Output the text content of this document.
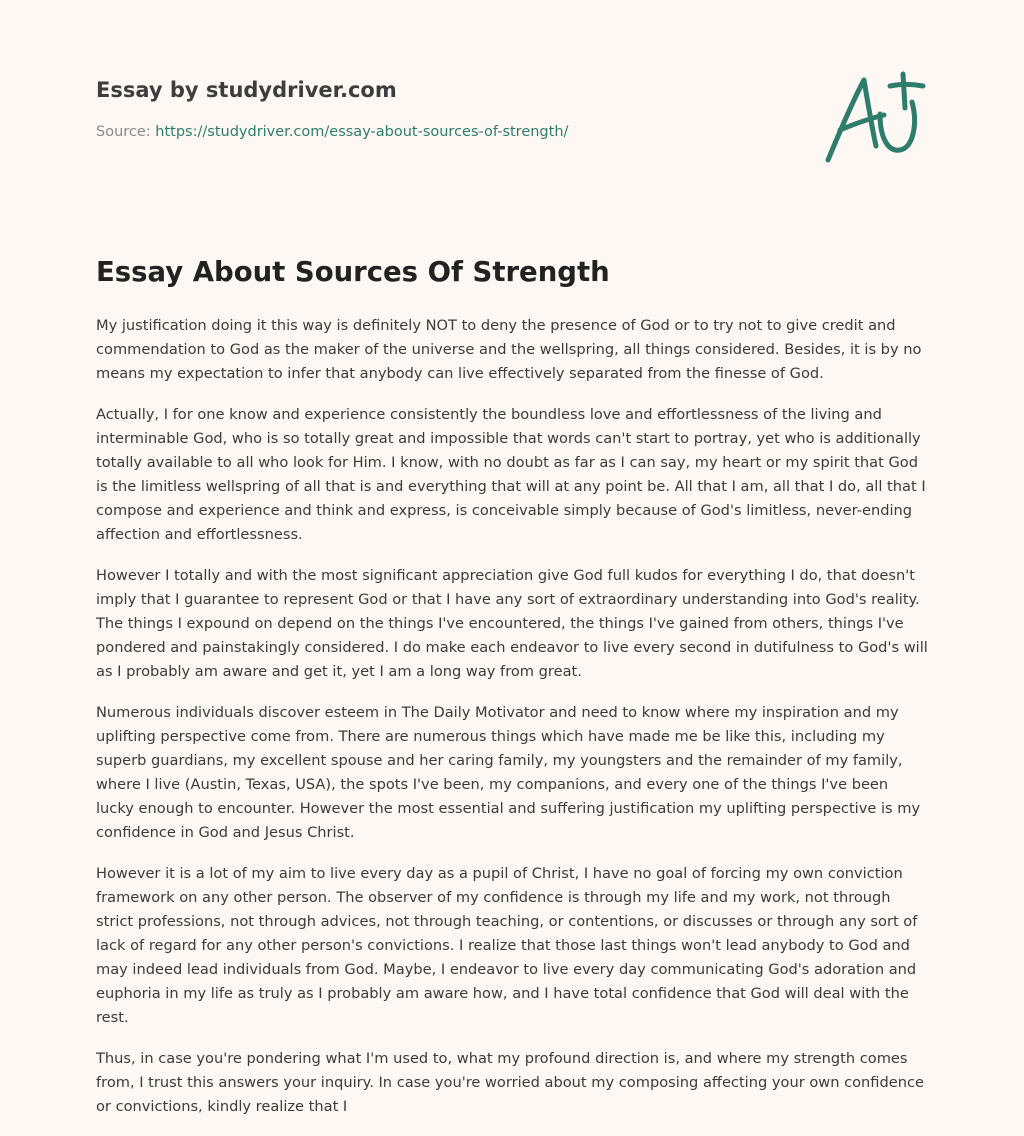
Essay by studydriver.com
Source: https://studydriver.com/essay-about-sources-of-strength/
Essay About Sources Of Strength

My justification doing it this way is definitely NOT to deny the presence of God or to try not to give credit and commendation to God as the maker of the universe and the wellspring, all things considered. Besides, it is by no means my expectation to infer that anybody can live effectively separated from the finesse of God.

Actually, I for one know and experience consistently the boundless love and effortlessness of the living and interminable God, who is so totally great and impossible that words can't start to portray, yet who is additionally totally available to all who look for Him. I know, with no doubt as far as I can say, my heart or my spirit that God is the limitless wellspring of all that is and everything that will at any point be. All that I am, all that I do, all that I compose and experience and think and express, is conceivable simply because of God's limitless, never-ending affection and effortlessness.

However I totally and with the most significant appreciation give God full kudos for everything I do, that doesn't imply that I guarantee to represent God or that I have any sort of extraordinary understanding into God's reality. The things I expound on depend on the things I've encountered, the things I've gained from others, things I've pondered and painstakingly considered. I do make each endeavor to live every second in dutifulness to God's will as I probably am aware and get it, yet I am a long way from great.

Numerous individuals discover esteem in The Daily Motivator and need to know where my inspiration and my uplifting perspective come from. There are numerous things which have made me be like this, including my superb guardians, my excellent spouse and her caring family, my youngsters and the remainder of my family, where I live (Austin, Texas, USA), the spots I've been, my companions, and every one of the things I've been lucky enough to encounter. However the most essential and suffering justification my uplifting perspective is my confidence in God and Jesus Christ.

However it is a lot of my aim to live every day as a pupil of Christ, I have no goal of forcing my own conviction framework on any other person. The observer of my confidence is through my life and my work, not through strict professions, not through advices, not through teaching, or contentions, or discusses or through any sort of lack of regard for any other person's convictions. I realize that those last things won't lead anybody to God and may indeed lead individuals from God. Maybe, I endeavor to live every day communicating God's adoration and euphoria in my life as truly as I probably am aware how, and I have total confidence that God will deal with the rest.

Thus, in case you're pondering what I'm used to, what my profound direction is, and where my strength comes from, I trust this answers your inquiry. In case you're worried about my composing affecting your own confidence or convictions, kindly realize that I
